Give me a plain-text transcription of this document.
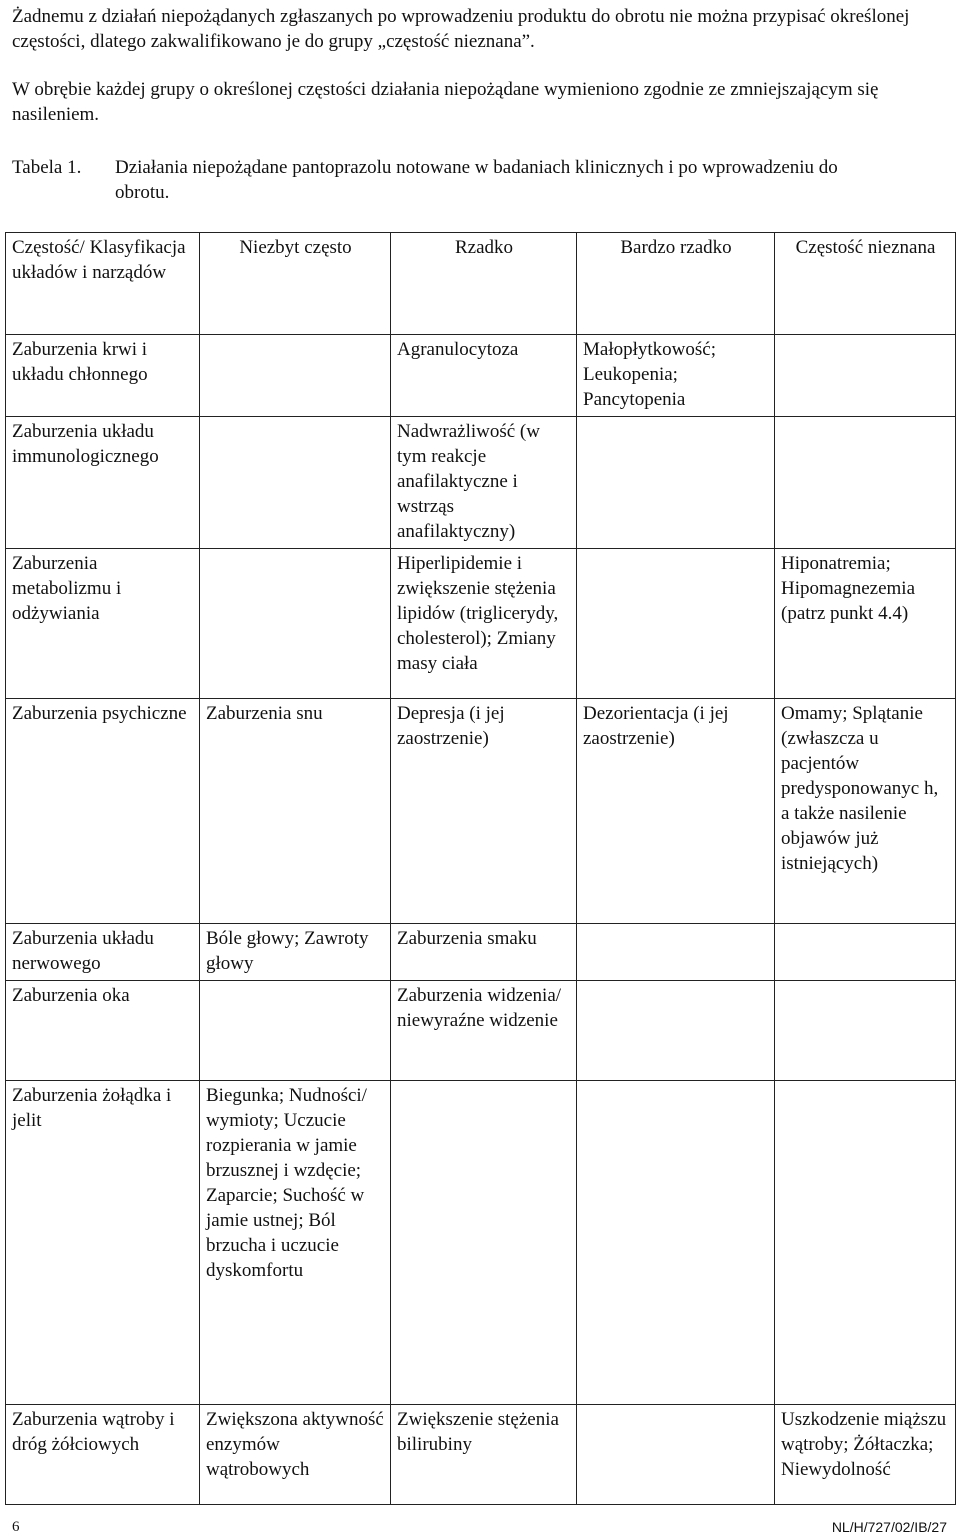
Żadnemu z działań niepożądanych zgłaszanych po wprowadzeniu produktu do obrotu nie można przypisać określonej częstości, dlatego zakwalifikowano je do grupy „częstość nieznana”.
W obrębie każdej grupy o określonej częstości działania niepożądane wymieniono zgodnie ze zmniejszającym się nasileniem.
Tabela 1. Działania niepożądane pantoprazolu notowane w badaniach klinicznych i po wprowadzeniu do obrotu.
Częstość/ Klasyfikacja układów i narządów	Niezbyt często	Rzadko	Bardzo rzadko	Częstość nieznana
Zaburzenia krwi i układu chłonnego		Agranulocytoza	Małopłytkowość; Leukopenia; Pancytopenia	
Zaburzenia układu immunologicznego		Nadwrażliwość (w tym reakcje anafilaktyczne i wstrząs anafilaktyczny)		
Zaburzenia metabolizmu i odżywiania		Hiperlipidemie i zwiększenie stężenia lipidów (triglicerydy, cholesterol); Zmiany masy ciała		Hiponatremia; Hipomagnezemia (patrz punkt 4.4)
Zaburzenia psychiczne	Zaburzenia snu	Depresja (i jej zaostrzenie)	Dezorientacja (i jej zaostrzenie)	Omamy; Splątanie (zwłaszcza u pacjentów predysponowanyc h, a także nasilenie objawów już istniejących)
Zaburzenia układu nerwowego	Bóle głowy; Zawroty głowy	Zaburzenia smaku		
Zaburzenia oka		Zaburzenia widzenia/ niewyraźne widzenie		
Zaburzenia żołądka i jelit	Biegunka; Nudności/ wymioty; Uczucie rozpierania w jamie brzusznej i wzdęcie; Zaparcie; Suchość w jamie ustnej; Ból brzucha i uczucie dyskomfortu			
Zaburzenia wątroby i dróg żółciowych	Zwiększona aktywność enzymów wątrobowych	Zwiększenie stężenia bilirubiny		Uszkodzenie miąższu wątroby; Żółtaczka; Niewydolność
6	NL/H/727/02/IB/27
